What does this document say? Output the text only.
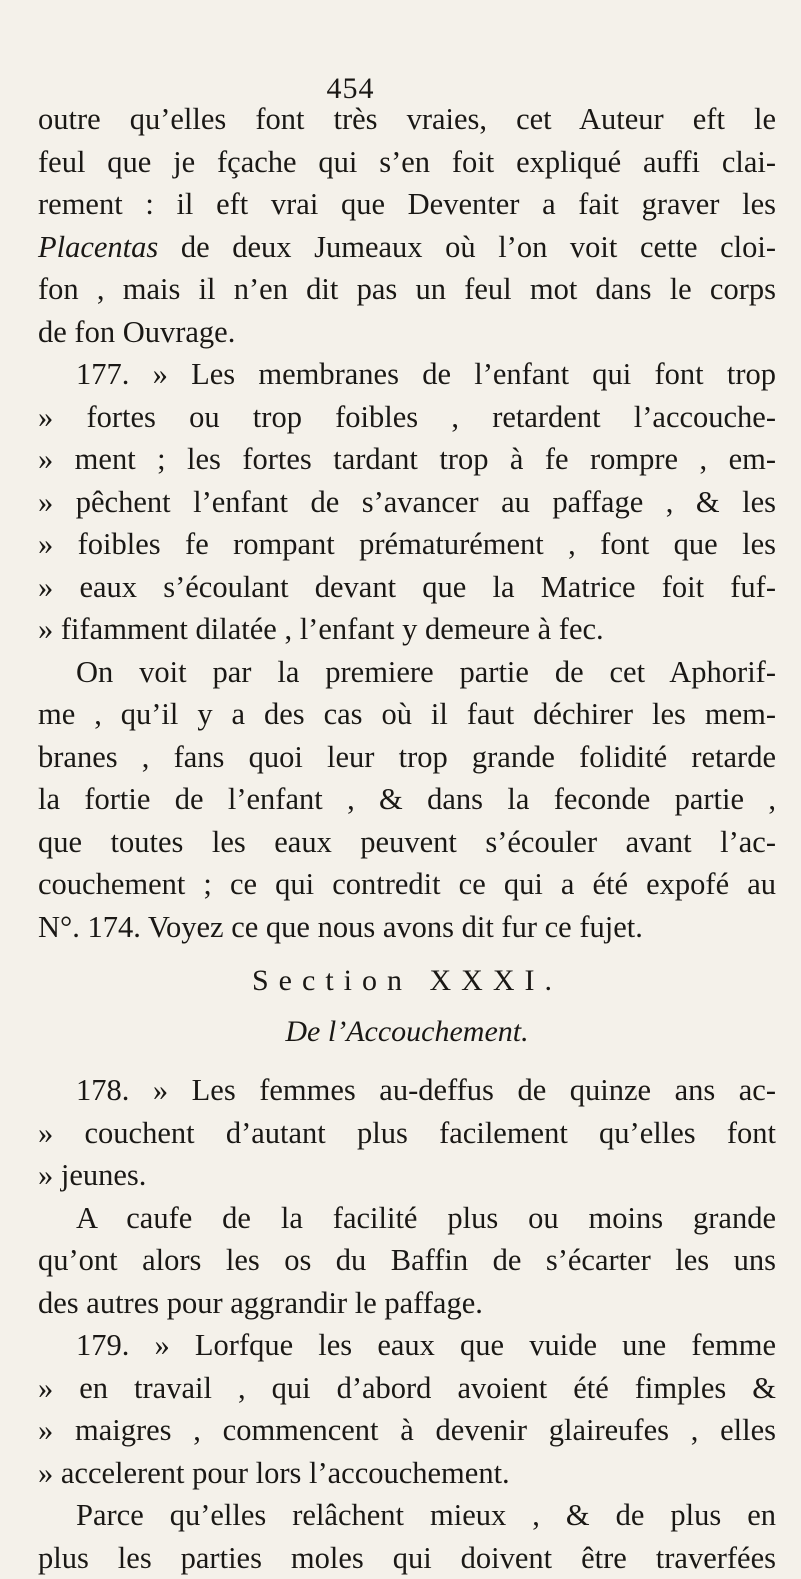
454
outre qu’elles font très vraies, cet Auteur eft le
feul que je fçache qui s’en foit expliqué auffi clai-
rement : il eft vrai que Deventer a fait graver les
Placentas de deux Jumeaux où l’on voit cette cloi-
fon , mais il n’en dit pas un feul mot dans le corps
de fon Ouvrage.
177. » Les membranes de l’enfant qui font trop
» fortes ou trop foibles , retardent l’accouche-
» ment ; les fortes tardant trop à fe rompre , em-
» pêchent l’enfant de s’avancer au paffage , & les
» foibles fe rompant prématurément , font que les
» eaux s’écoulant devant que la Matrice foit fuf-
» fifamment dilatée , l’enfant y demeure à fec.
On voit par la premiere partie de cet Aphorif-
me , qu’il y a des cas où il faut déchirer les mem-
branes , fans quoi leur trop grande folidité retarde
la fortie de l’enfant , & dans la feconde partie ,
que toutes les eaux peuvent s’écouler avant l’ac-
couchement ; ce qui contredit ce qui a été expofé au
N°. 174. Voyez ce que nous avons dit fur ce fujet.
Section XXXI.
De l’Accouchement.
178. » Les femmes au-deffus de quinze ans ac-
» couchent d’autant plus facilement qu’elles font
» jeunes.
A caufe de la facilité plus ou moins grande
qu’ont alors les os du Baffin de s’écarter les uns
des autres pour aggrandir le paffage.
179. » Lorfque les eaux que vuide une femme
» en travail , qui d’abord avoient été fimples &
» maigres , commencent à devenir glaireufes , elles
» accelerent pour lors l’accouchement.
Parce qu’elles relâchent mieux , & de plus en
plus les parties moles qui doivent être traverfées
